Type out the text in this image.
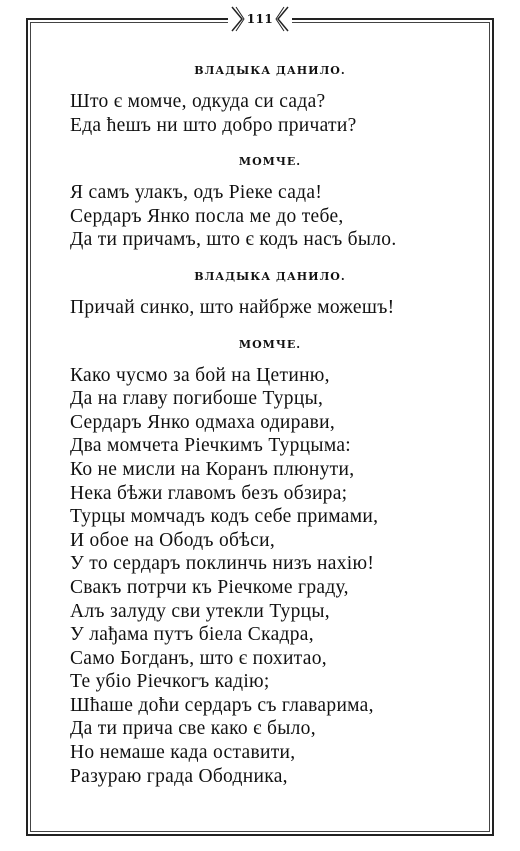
111

ВЛАДЫКА ДАНИЛО.

Што є момче, одкуда си сада?

Еда ћешъ ни што добро причати?

МОМЧЕ.

Я самъ улакъ, одъ Ріеке сада!

Сердаръ Янко посла ме до тебе,

Да ти причамъ, што є кодъ насъ было.

ВЛАДЫКА ДАНИЛО.

Причай синко, што найбрже можешъ!

МОМЧЕ.

Како чусмо за бой на Цетиню,

Да на главу погибоше Турцы,

Сердаръ Янко одмаха одирави,

Два момчета Ріечкимъ Турцыма:

Ко не мисли на Коранъ плюнути,

Нека бѣжи главомъ безъ обзира;

Турцы момчадъ кодъ себе примами,

И обое на Ободъ обѣси,

У то сердаръ поклинчь низъ нахію!

Свакъ потрчи къ Ріечкоме граду,

Алъ залуду сви утекли Турцы,

У лађама путъ біела Скадра,

Само Богданъ, што є похитао,

Те убіо Ріечкогъ кадію;

Шћаше доћи сердаръ съ главарима,

Да ти прича све како є было,

Но немаше када оставити,

Разураю града Ободника,
